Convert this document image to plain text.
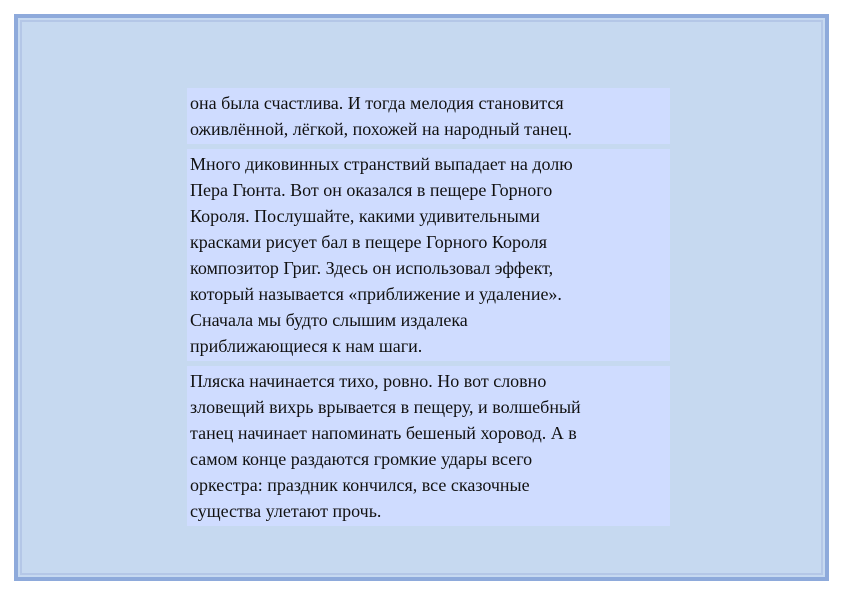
она была счастлива. И тогда мелодия становится
оживлённой, лёгкой, похожей на народный танец.

Много диковинных странствий выпадает на долю
Пера Гюнта. Вот он оказался в пещере Горного
Короля. Послушайте, какими удивительными
красками рисует бал в пещере Горного Короля
композитор Григ. Здесь он использовал эффект,
который называется «приближение и удаление».
Сначала мы будто слышим издалека
приближающиеся к нам шаги.

Пляска начинается тихо, ровно. Но вот словно
зловещий вихрь врывается в пещеру, и волшебный
танец начинает напоминать бешеный хоровод. А в
самом конце раздаются громкие удары всего
оркестра: праздник кончился, все сказочные
существа улетают прочь.
